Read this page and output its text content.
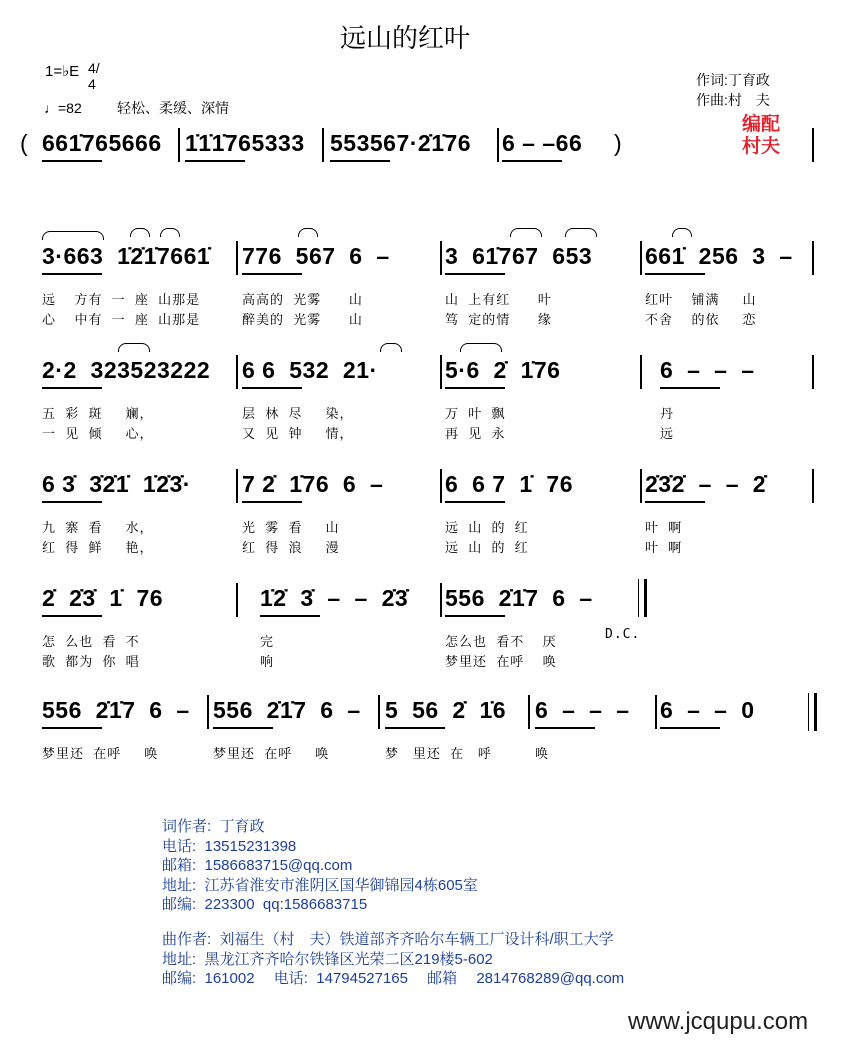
远山的红叶
1=♭E 4/4
♩=82	轻松、柔缓、深情
作词:丁育政
作曲:村　夫
编配
村夫
661̇765666 1̇1̇1̇765333 553567·2̇1̇76 6 – –66
(	)
3·663  1̇2̇1̇7661̇
远    方有  一  座  山那是
心    中有  一  座  山那是
776  567  6  –
高高的  光雾      山
醉美的  光雾      山
3  61̇767  653
山  上有红      叶
笃  定的情      缘
661̇  256  3  –
红叶    铺满     山
不舍    的依     恋
2·2  323523222
五  彩  斑     斓，
一  见  倾     心，
6 6  532  21·
层  林  尽     染，
又  见  钟     情，
5·6  2̇  1̇76
万  叶  飘
再  见  永
6  –  –  –
丹
远
6 3̇  3̇2̇1̇  1̇2̇3̇·
九  寨  看     水，
红  得  鲜     艳，
7 2̇  1̇76  6  –
光  雾  看     山
红  得  浪     漫
6  6 7  1̇  76
远  山  的  红
远  山  的  红
2̇3̇2̇  –  –  2̇
叶  啊
叶  啊
2̇  2̇3̇  1̇  76
怎  么也  看  不
歌  都为  你  唱
1̇2̇  3̇  –  –  2̇3̇
完
响
556  2̇1̇7  6  –
怎么也  看不    厌
梦里还  在呼    唤
D.C.
556  2̇1̇7  6  –
梦里还  在呼     唤
556  2̇1̇7  6  –
梦里还  在呼     唤
5  56  2̇  1̇6
梦   里还  在   呼
6  –  –  –
唤
6  –  –  0
词作者:  丁育政
电话:  13515231398
邮箱:  1586683715@qq.com
地址:  江苏省淮安市淮阴区国华御锦园4栋605室
邮编:  223300  qq:1586683715
曲作者:  刘福生（村　夫）铁道部齐齐哈尔车辆工厂设计科/职工大学
地址:  黑龙江齐齐哈尔铁锋区光荣二区219楼5-602
邮编:  161002　 电话:  14794527165　 邮箱　 2814768289@qq.com
www.jcqupu.com
